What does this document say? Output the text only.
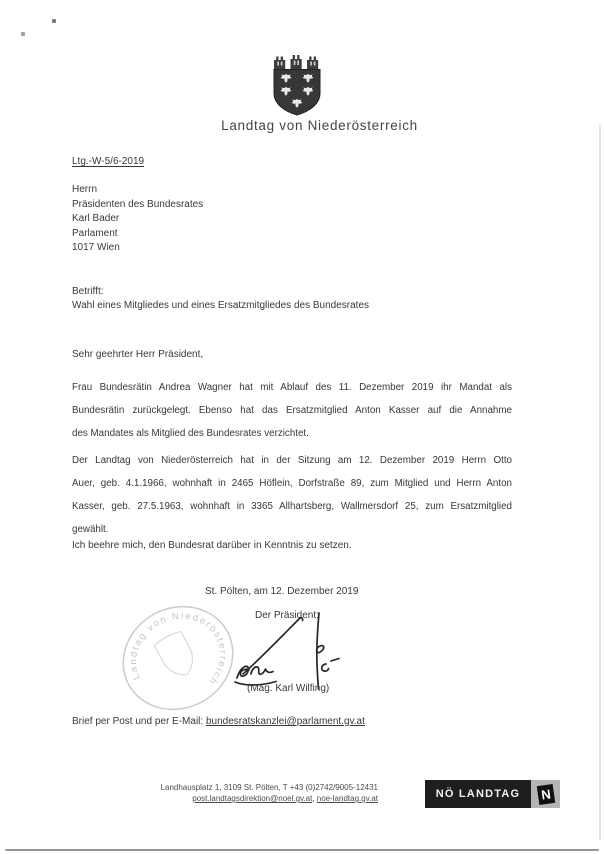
Landtag von Niederösterreich
Ltg.-W-5/6-2019
Herrn
Präsidenten des Bundesrates
Karl Bader
Parlament
1017 Wien
Betrifft:
Wahl eines Mitgliedes und eines Ersatzmitgliedes des Bundesrates
Sehr geehrter Herr Präsident,
Frau Bundesrätin Andrea Wagner hat mit Ablauf des 11. Dezember 2019 ihr Mandat als
Bundesrätin zurückgelegt. Ebenso hat das Ersatzmitglied Anton Kasser auf die Annahme
des Mandates als Mitglied des Bundesrates verzichtet.
Der Landtag von Niederösterreich hat in der Sitzung am 12. Dezember 2019 Herrn Otto
Auer, geb. 4.1.1966, wohnhaft in 2465 Höflein, Dorfstraße 89, zum Mitglied und Herrn Anton
Kasser, geb. 27.5.1963, wohnhaft in 3365 Allhartsberg, Wallmersdorf 25, zum Ersatzmitglied
gewählt.
Ich beehre mich, den Bundesrat darüber in Kenntnis zu setzen.
St. Pölten, am 12. Dezember 2019
Der Präsident:
Landtag von Niederösterreich
(Mag. Karl Wilfing)
Brief per Post und per E-Mail: bundesratskanzlei@parlament.gv.at
Landhausplatz 1, 3109 St. Pölten, T +43 (0)2742/9005-12431
post.landtagsdirektion@noel.gv.at, noe-landtag.gv.at	NÖ LANDTAG	N
